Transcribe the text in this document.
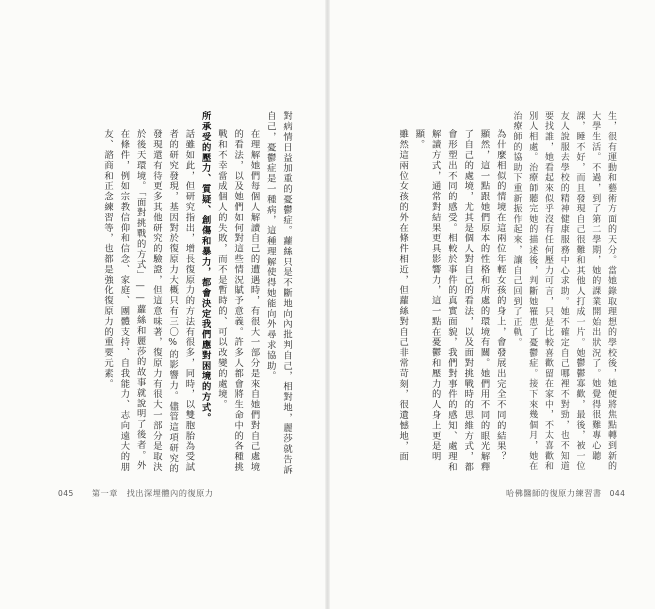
生，很有運動和藝術方面的天分。當她錄取理想的學校後，她便將焦點轉到新的大學生活。不過，到了第二學期，她的課業開始出狀況了。她覺得很難專心聽課，睡不好，而且發現自己很難和其他人打成一片。她鬱鬱寡歡，最後，被一位友人說服去學校的精神健康服務中心求助。她不確定自己哪裡不對勁，也不知道要找誰，她看起來似乎沒有任何壓力可言，只是比較喜歡留在家中，不太喜歡和別人相處。治療師聽完她的描述後，判斷她罹患了憂鬱症。接下來幾個月，她在治療師的協助下重新振作起來，讓自己回到了正軌。

為什麼相似的情境在這兩位年輕女孩的身上，會發展出完全不同的結果？

顯然，這一點跟她們原本的性格和所處的環境有關。她們用不同的眼光解釋了自己的處境，尤其是個人對自己的看法，以及面對挑戰時的思維方式，都會形塑出不同的感受。相較於事件的真實面貌，我們對事件的感知、處理和解讀方式，通常對結果更具影響力，這一點在憂鬱和壓力的人身上更是明顯。

雖然這兩位女孩的外在條件相近，但蘿絲對自己非常苛刻，很遺憾地，面

對病情日益加重的憂鬱症。蘿絲只是不斷地向內批判自己，相對地，麗莎就告訴自己，憂鬱症是一種病，這種理解使得她能向外尋求協助。

在理解她們每個人解讀自己的遭遇時，有很大一部分是來自她們對自己處境的看法，以及她們如何對這些情況賦予意義。許多人都會將生命中的各種挑戰和不幸當成個人的失敗，而不是暫時的、可以改變的處境。

所承受的壓力、質疑、創傷和暴力，都會決定我們應對困境的方式。

話雖如此，但研究指出，增長復原力的方法有很多，同時，以雙胞胎為受試者的研究發現，基因對於復原力大概只有三〇%的影響力。儘管這項研究的發現還有待更多其他研究的驗證，但這意味著，復原力有很大一部分是取決於後天環境。「面對挑戰的方式」——蘿絲和麗莎的故事就說明了後者。外在條件，例如宗教信仰和信念、家庭、團體支持、自我能力、志向遠大的朋友、諮商和正念練習等，也都是強化復原力的重要元素。

045 第一章　找出深埋體內的復原力	哈佛醫師的復原力練習書 044
